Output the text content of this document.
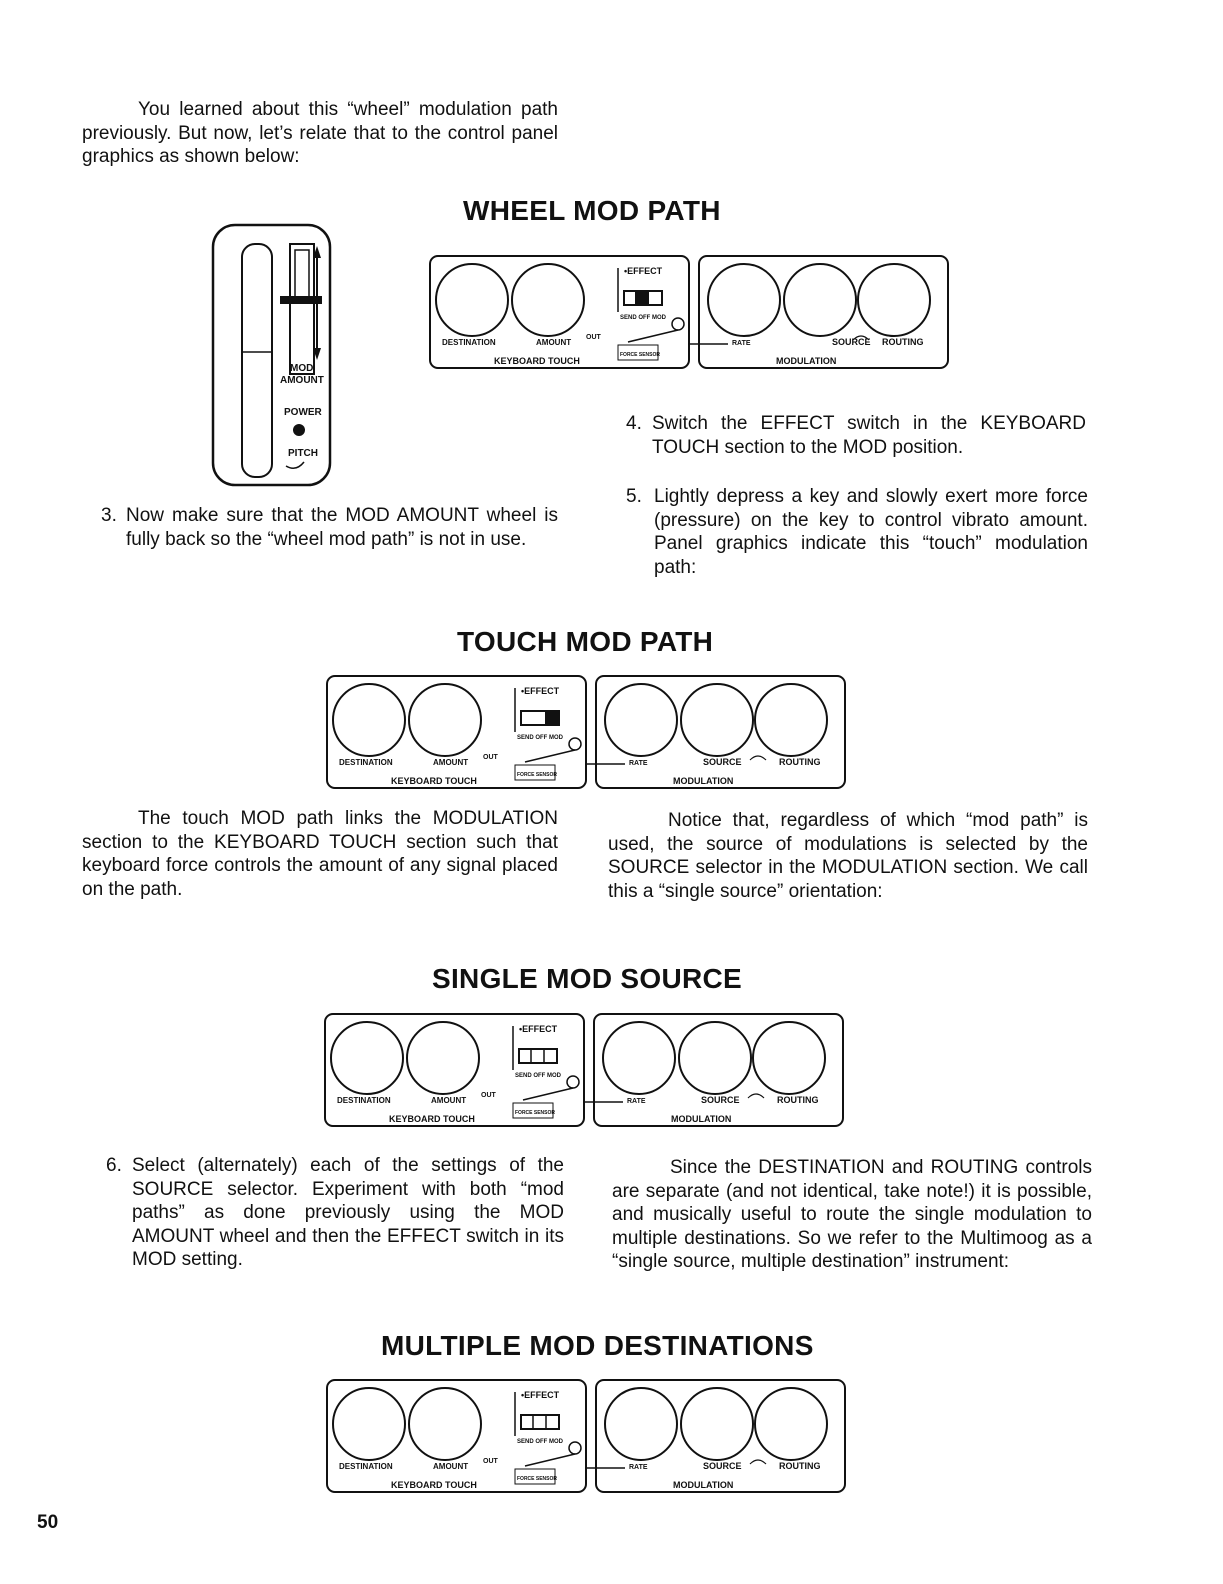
You learned about this “wheel” modulation path previously. But now, let’s relate that to the control panel graphics as shown below:

MOD
AMOUNT
POWER
PITCH
WHEEL MOD PATH
•EFFECT
SEND OFF MOD
OUT
DESTINATION	AMOUNT
KEYBOARD TOUCH
FORCE SENSOR
RATE	SOURCE ROUTING
MODULATION
3. Now make sure that the MOD AMOUNT wheel is fully back so the “wheel mod path” is not in use.

4. Switch the EFFECT switch in the KEYBOARD TOUCH section to the MOD position.

5. Lightly depress a key and slowly exert more force (pressure) on the key to control vibrato amount. Panel graphics indicate this “touch” modulation path:

TOUCH MOD PATH
•EFFECT
SEND OFF MOD
OUT
DESTINATION	AMOUNT
KEYBOARD TOUCH
FORCE SENSOR
RATE	SOURCE	ROUTING
MODULATION

The touch MOD path links the MODULATION section to the KEYBOARD TOUCH section such that keyboard force controls the amount of any signal placed on the path.

Notice that, regardless of which “mod path” is used, the source of modulations is selected by the SOURCE selector in the MODULATION section. We call this a “single source” orientation:

SINGLE MOD SOURCE
•EFFECT
SEND OFF MOD
OUT
DESTINATION	AMOUNT
KEYBOARD TOUCH
FORCE SENSOR
RATE	SOURCE	ROUTING
MODULATION
6. Select (alternately) each of the settings of the SOURCE selector. Experiment with both “mod paths” as done previously using the MOD AMOUNT wheel and then the EFFECT switch in its MOD setting.

Since the DESTINATION and ROUTING controls are separate (and not identical, take note!) it is possible, and musically useful to route the single modulation to multiple destinations. So we refer to the Multimoog as a “single source, multiple destination” instrument:

MULTIPLE MOD DESTINATIONS
•EFFECT
SEND OFF MOD
OUT
DESTINATION	AMOUNT
KEYBOARD TOUCH
FORCE SENSOR
RATE	SOURCE	ROUTING
MODULATION
50
